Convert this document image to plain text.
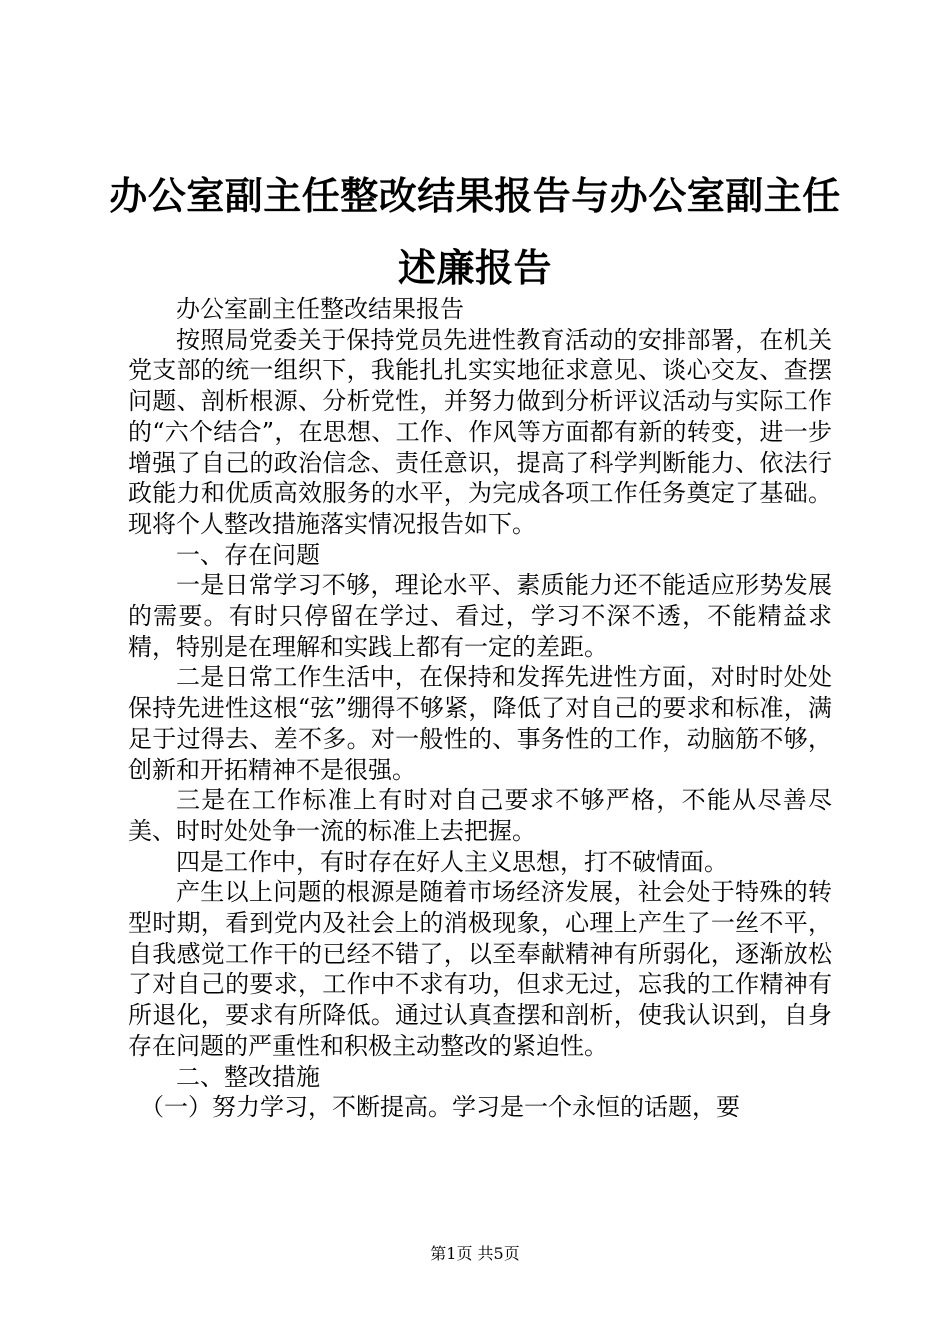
办公室副主任整改结果报告与办公室副主任述廉报告

办公室副主任整改结果报告

按照局党委关于保持党员先进性教育活动的安排部署，在机关党支部的统一组织下，我能扎扎实实地征求意见、谈心交友、查摆问题、剖析根源、分析党性，并努力做到分析评议活动与实际工作的“六个结合”，在思想、工作、作风等方面都有新的转变，进一步增强了自己的政治信念、责任意识，提高了科学判断能力、依法行政能力和优质高效服务的水平，为完成各项工作任务奠定了基础。现将个人整改措施落实情况报告如下。

一、存在问题

一是日常学习不够，理论水平、素质能力还不能适应形势发展的需要。有时只停留在学过、看过，学习不深不透，不能精益求精，特别是在理解和实践上都有一定的差距。

二是日常工作生活中，在保持和发挥先进性方面，对时时处处保持先进性这根“弦”绷得不够紧，降低了对自己的要求和标准，满足于过得去、差不多。对一般性的、事务性的工作，动脑筋不够，创新和开拓精神不是很强。

三是在工作标准上有时对自己要求不够严格，不能从尽善尽美、时时处处争一流的标准上去把握。

四是工作中，有时存在好人主义思想，打不破情面。

产生以上问题的根源是随着市场经济发展，社会处于特殊的转型时期，看到党内及社会上的消极现象，心理上产生了一丝不平，自我感觉工作干的已经不错了，以至奉献精神有所弱化，逐渐放松了对自己的要求，工作中不求有功，但求无过，忘我的工作精神有所退化，要求有所降低。通过认真查摆和剖析，使我认识到，自身存在问题的严重性和积极主动整改的紧迫性。

二、整改措施

（一）努力学习，不断提高。学习是一个永恒的话题，要

第1页 共5页
